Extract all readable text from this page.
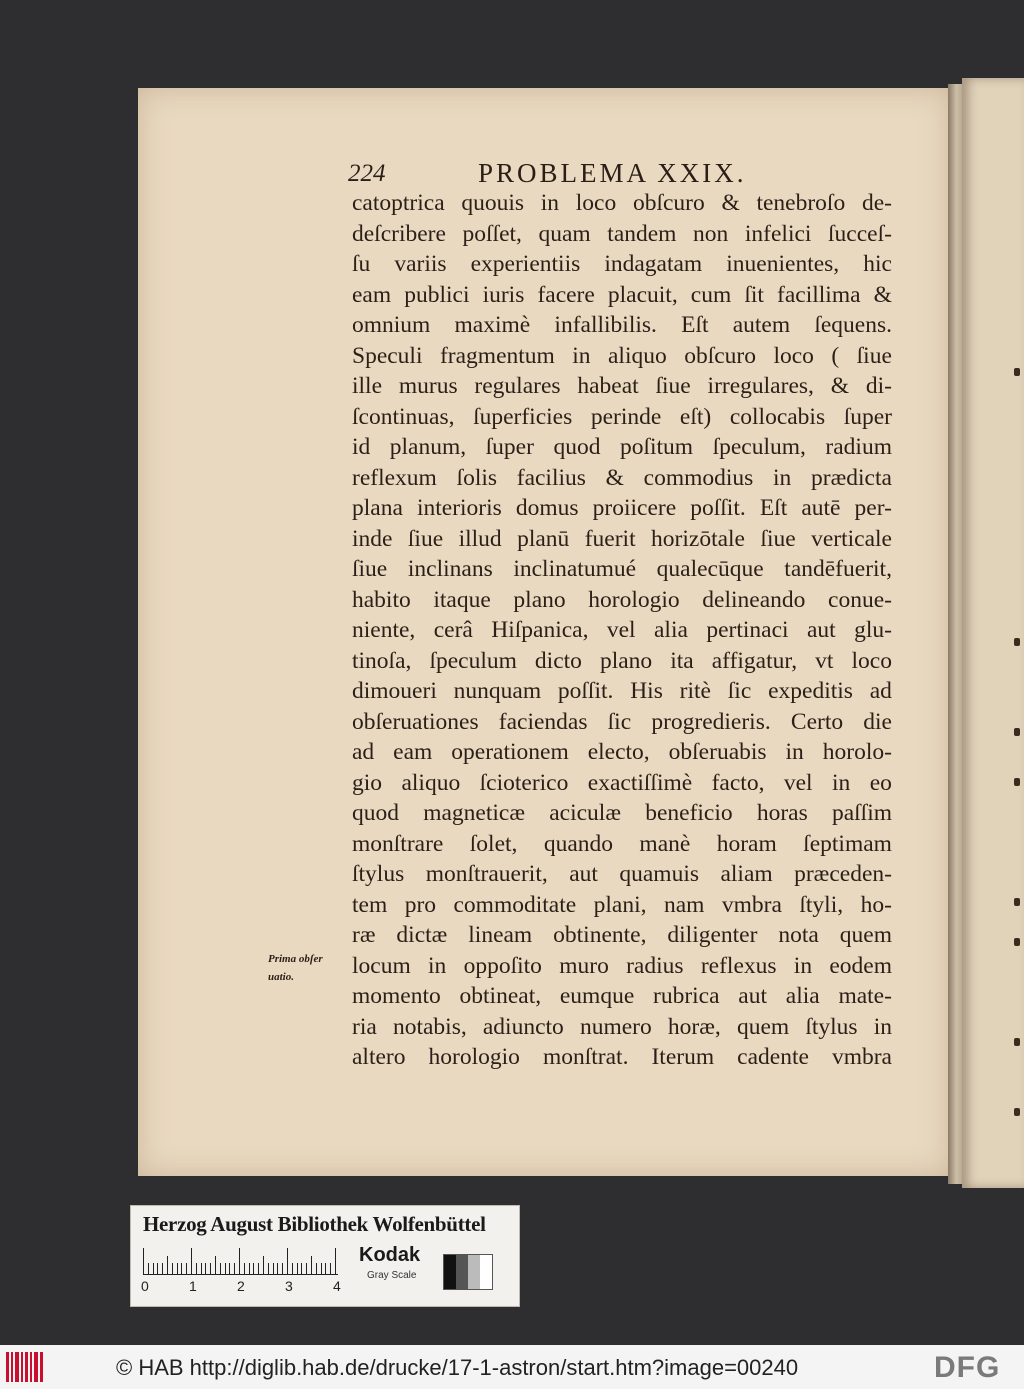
224	PROBLEMA XXIX.
Prima obſer
uatio.
catoptrica quouis in loco obſcuro & tenebroſo de-
deſcribere poſſet, quam tandem non infelici ſucceſ-
ſu variis experientiis indagatam inuenientes, hic
eam publici iuris facere placuit, cum ſit facillima &
omnium maximè infallibilis. Eſt autem ſequens.
Speculi fragmentum in aliquo obſcuro loco ( ſiue
ille murus regulares habeat ſiue irregulares, & di-
ſcontinuas, ſuperficies perinde eſt) collocabis ſuper
id planum, ſuper quod poſitum ſpeculum, radium
reflexum ſolis facilius & commodius in prædicta
plana interioris domus proiicere poſſit. Eſt autē per-
inde ſiue illud planū fuerit horizōtale ſiue verticale
ſiue inclinans inclinatumué qualecūque tandēfuerit,
habito itaque plano horologio delineando conue-
niente, cerâ Hiſpanica, vel alia pertinaci aut glu-
tinoſa, ſpeculum dicto plano ita affigatur, vt loco
dimoueri nunquam poſſit. His ritè ſic expeditis ad
obſeruationes faciendas ſic progredieris. Certo die
ad eam operationem electo, obſeruabis in horolo-
gio aliquo ſcioterico exactiſſimè facto, vel in eo
quod magneticæ aciculæ beneficio horas paſſim
monſtrare ſolet, quando manè horam ſeptimam
ſtylus monſtrauerit, aut quamuis aliam præceden-
tem pro commoditate plani, nam vmbra ſtyli, ho-
ræ dictæ lineam obtinente, diligenter nota quem
locum in oppoſito muro radius reflexus in eodem
momento obtineat, eumque rubrica aut alia mate-
ria notabis, adiuncto numero horæ, quem ſtylus in
altero horologio monſtrat. Iterum cadente vmbra
Herzog August Bibliothek Wolfenbüttel
0	1	2	3	4
Kodak
Gray Scale
© HAB http://diglib.hab.de/drucke/17-1-astron/start.htm?image=00240	DFG
